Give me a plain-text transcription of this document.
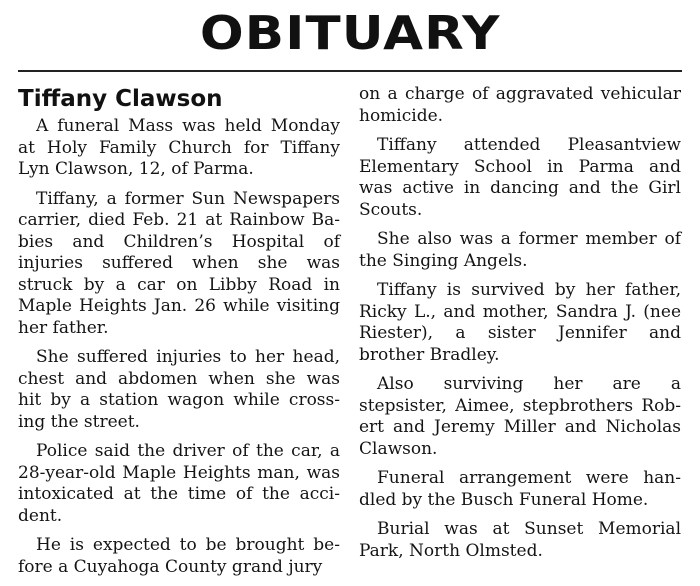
OBITUARY
Tiffany Clawson
A funeral Mass was held Monday
at Holy Family Church for Tiffany
Lyn Clawson, 12, of Parma.
Tiffany, a former Sun Newspapers
carrier, died Feb. 21 at Rainbow Ba-
bies and Children’s Hospital of
injuries suffered when she was
struck by a car on Libby Road in
Maple Heights Jan. 26 while visiting
her father.
She suffered injuries to her head,
chest and abdomen when she was
hit by a station wagon while cross-
ing the street.
Police said the driver of the car, a
28-year-old Maple Heights man, was
intoxicated at the time of the acci-
dent.
He is expected to be brought be-
fore a Cuyahoga County grand jury
on a charge of aggravated vehicular
homicide.
Tiffany attended Pleasantview
Elementary School in Parma and
was active in dancing and the Girl
Scouts.
She also was a former member of
the Singing Angels.
Tiffany is survived by her father,
Ricky L., and mother, Sandra J. (nee
Riester), a sister Jennifer and
brother Bradley.
Also surviving her are a
stepsister, Aimee, stepbrothers Rob-
ert and Jeremy Miller and Nicholas
Clawson.
Funeral arrangement were han-
dled by the Busch Funeral Home.
Burial was at Sunset Memorial
Park, North Olmsted.
